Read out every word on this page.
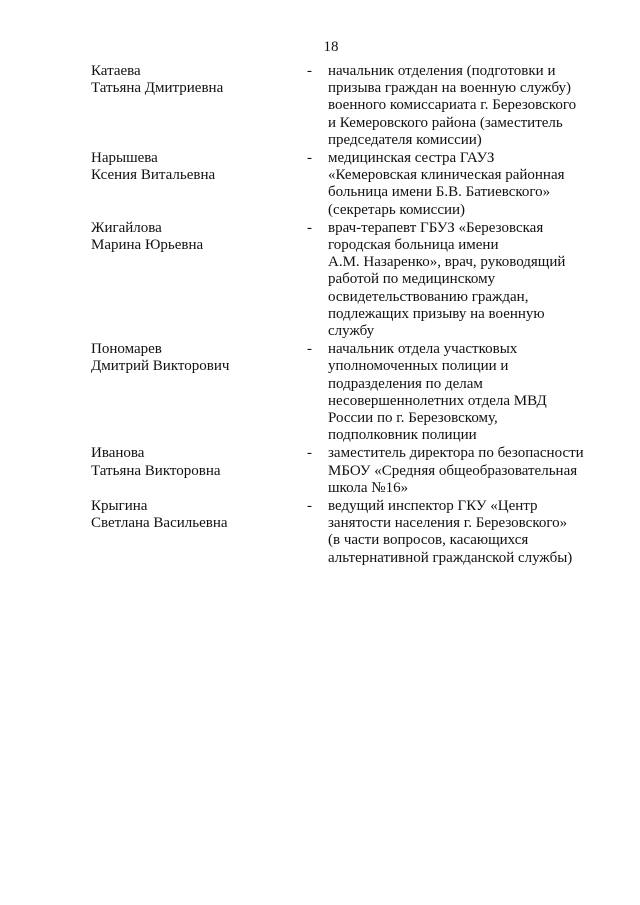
18
Катаева
Татьяна Дмитриевна
- начальник отделения (подготовки и
призыва граждан на военную службу)
военного комиссариата г. Березовского
и Кемеровского района (заместитель
председателя комиссии)
Нарышева
Ксения Витальевна
- медицинская сестра ГАУЗ
«Кемеровская клиническая районная
больница имени Б.В. Батиевского»
(секретарь комиссии)
Жигайлова
Марина Юрьевна
- врач-терапевт ГБУЗ «Березовская
городская больница имени
А.М. Назаренко», врач, руководящий
работой по медицинскому
освидетельствованию граждан,
подлежащих призыву на военную
службу
Пономарев
Дмитрий Викторович
- начальник отдела участковых
уполномоченных полиции и
подразделения по делам
несовершеннолетних отдела МВД
России по г. Березовскому,
подполковник полиции
Иванова
Татьяна Викторовна
- заместитель директора по безопасности
МБОУ «Средняя общеобразовательная
школа №16»
Крыгина
Светлана Васильевна
- ведущий инспектор ГКУ «Центр
занятости населения г. Березовского»
(в части вопросов, касающихся
альтернативной гражданской службы)
